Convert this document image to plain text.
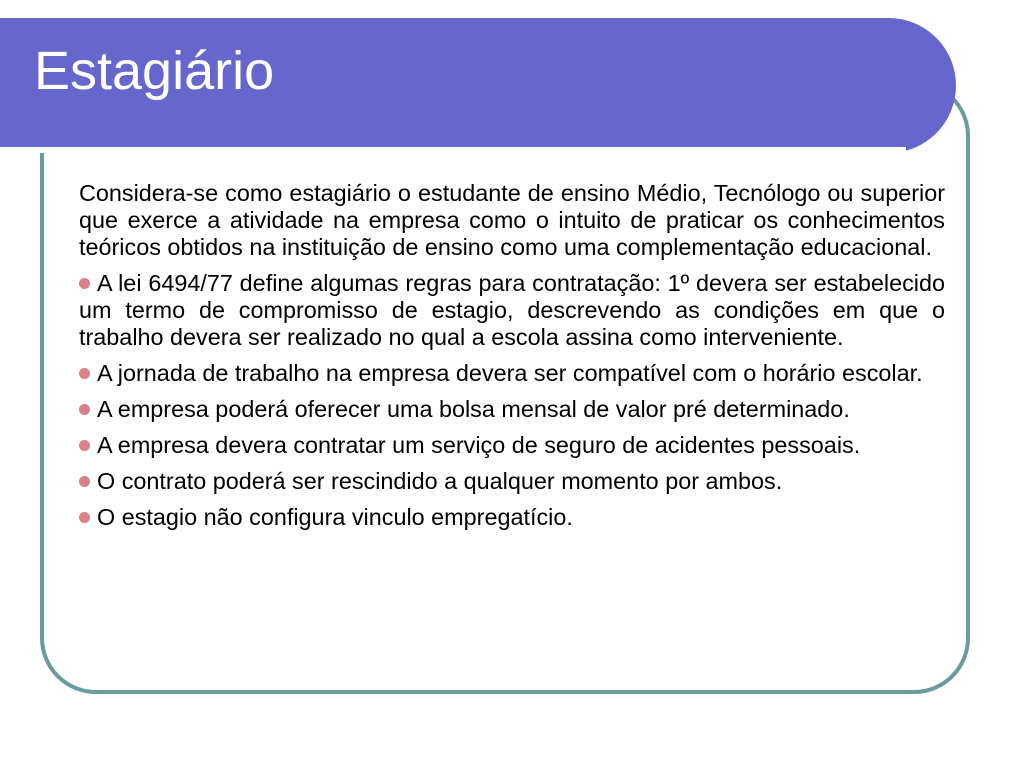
Estagiário
Considera-se como estagiário o estudante de ensino Médio, Tecnólogo ou superior que exerce a atividade na empresa como o intuito de praticar os conhecimentos teóricos obtidos na instituição de ensino como uma complementação educacional.
A lei 6494/77 define algumas regras para contratação: 1º devera ser estabelecido um termo de compromisso de estagio, descrevendo as condições em que o trabalho devera ser realizado no qual a escola assina como interveniente.
A jornada de trabalho na empresa devera ser compatível com o horário escolar.
A empresa poderá oferecer uma bolsa mensal de valor pré determinado.
A empresa devera contratar um serviço de seguro de acidentes pessoais.
O contrato poderá ser rescindido a qualquer momento por ambos.
O estagio não configura vinculo empregatício.
